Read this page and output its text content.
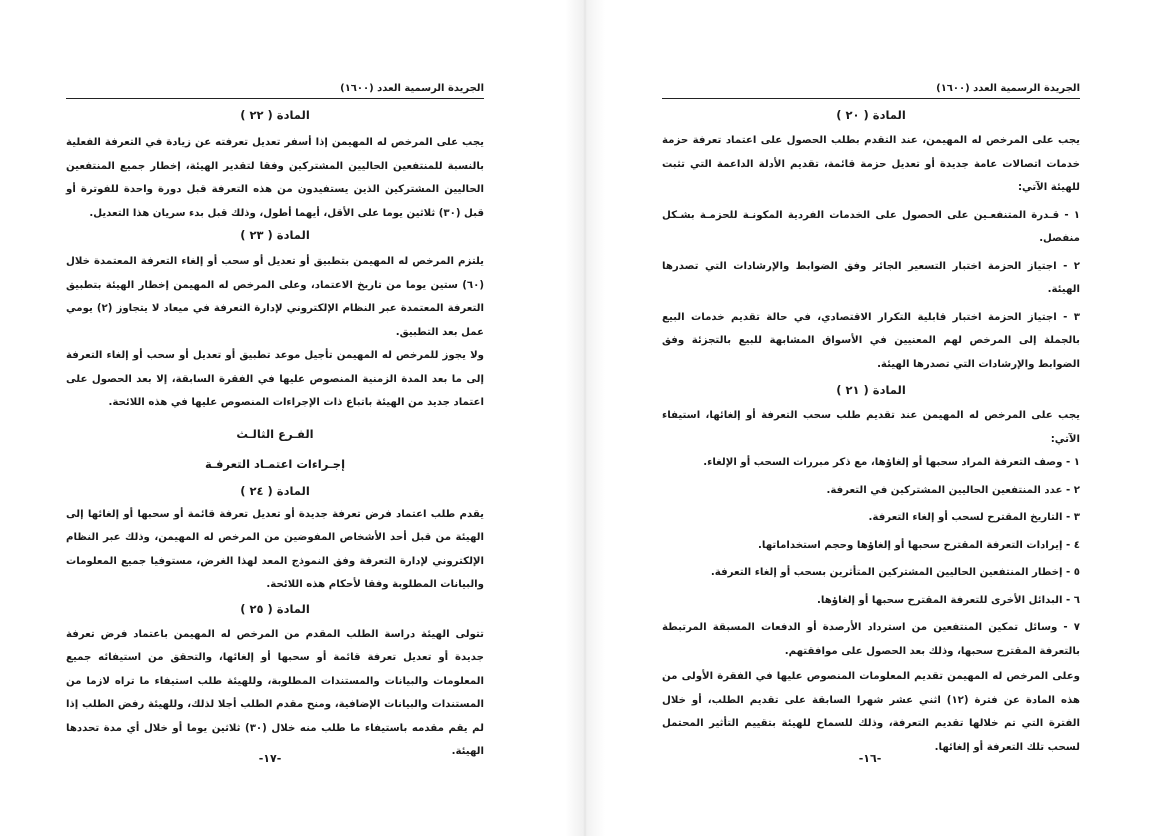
الجريدة الرسمية العدد (١٦٠٠)

المادة ( ٢٢ )

يجب على المرخص له المهيمن إذا أسفر تعديل تعرفته عن زيادة في التعرفة الفعلية بالنسبة للمنتفعين الحاليين المشتركين وفقا لتقدير الهيئة، إخطار جميع المنتفعين الحاليين المشتركين الذين يستفيدون من هذه التعرفة قبل دورة واحدة للفوترة أو قبل (٣٠) ثلاثين يوما على الأقل، أيهما أطول، وذلك قبل بدء سريان هذا التعديل.

المادة ( ٢٣ )

يلتزم المرخص له المهيمن بتطبيق أو تعديل أو سحب أو إلغاء التعرفة المعتمدة خلال (٦٠) ستين يوما من تاريخ الاعتماد، وعلى المرخص له المهيمن إخطار الهيئة بتطبيق التعرفة المعتمدة عبر النظام الإلكتروني لإدارة التعرفة في ميعاد لا يتجاوز (٢) يومي عمل بعد التطبيق.

ولا يجوز للمرخص له المهيمن تأجيل موعد تطبيق أو تعديل أو سحب أو إلغاء التعرفة إلى ما بعد المدة الزمنية المنصوص عليها في الفقرة السابقة، إلا بعد الحصول على اعتماد جديد من الهيئة باتباع ذات الإجراءات المنصوص عليها في هذه اللائحة.

الفـرع الثالـث

إجـراءات اعتمـاد التعرفـة

المادة ( ٢٤ )

يقدم طلب اعتماد فرض تعرفة جديدة أو تعديل تعرفة قائمة أو سحبها أو إلغائها إلى الهيئة من قبل أحد الأشخاص المفوضين من المرخص له المهيمن، وذلك عبر النظام الإلكتروني لإدارة التعرفة وفق النموذج المعد لهذا الغرض، مستوفيا جميع المعلومات والبيانات المطلوبة وفقا لأحكام هذه اللائحة.

المادة ( ٢٥ )

تتولى الهيئة دراسة الطلب المقدم من المرخص له المهيمن باعتماد فرض تعرفة جديدة أو تعديل تعرفة قائمة أو سحبها أو إلغائها، والتحقق من استيفائه جميع المعلومات والبيانات والمستندات المطلوبة، وللهيئة طلب استيفاء ما تراه لازما من المستندات والبيانات الإضافية، ومنح مقدم الطلب أجلا لذلك، وللهيئة رفض الطلب إذا لم يقم مقدمه باستيفاء ما طلب منه خلال (٣٠) ثلاثين يوما أو خلال أي مدة تحددها الهيئة.

-١٧-
الجريدة الرسمية العدد (١٦٠٠)

المادة ( ٢٠ )

يجب على المرخص له المهيمن، عند التقدم بطلب الحصول على اعتماد تعرفة حزمة خدمات اتصالات عامة جديدة أو تعديل حزمة قائمة، تقديم الأدلة الداعمة التي تثبت للهيئة الآتي:

١ - قـدرة المتنفعـين على الحصول على الخدمات الفردية المكونـة للحزمـة بشـكل منفصل.

٢ - اجتياز الحزمة اختبار التسعير الجائر وفق الضوابط والإرشادات التي تصدرها الهيئة.

٣ - اجتياز الحزمة اختبار قابلية التكرار الاقتصادي، في حالة تقديم خدمات البيع بالجملة إلى المرخص لهم المعنيين في الأسواق المشابهة للبيع بالتجزئة وفق الضوابط والإرشادات التي تصدرها الهيئة.

المادة ( ٢١ )

يجب على المرخص له المهيمن عند تقديم طلب سحب التعرفة أو إلغائها، استيفاء الآتي:

١ - وصف التعرفة المراد سحبها أو إلغاؤها، مع ذكر مبررات السحب أو الإلغاء.

٢ - عدد المنتفعين الحاليين المشتركين في التعرفة.

٣ - التاريخ المقترح لسحب أو إلغاء التعرفة.

٤ - إيرادات التعرفة المقترح سحبها أو إلغاؤها وحجم استخداماتها.

٥ - إخطار المنتفعين الحاليين المشتركين المتأثرين بسحب أو إلغاء التعرفة.

٦ - البدائل الأخرى للتعرفة المقترح سحبها أو إلغاؤها.

٧ - وسائل تمكين المنتفعين من استرداد الأرصدة أو الدفعات المسبقة المرتبطة بالتعرفة المقترح سحبها، وذلك بعد الحصول على موافقتهم.

وعلى المرخص له المهيمن تقديم المعلومات المنصوص عليها في الفقرة الأولى من هذه المادة عن فترة (١٢) اثني عشر شهرا السابقة على تقديم الطلب، أو خلال الفترة التي تم خلالها تقديم التعرفة، وذلك للسماح للهيئة بتقييم التأثير المحتمل لسحب تلك التعرفة أو إلغائها.

-١٦-
